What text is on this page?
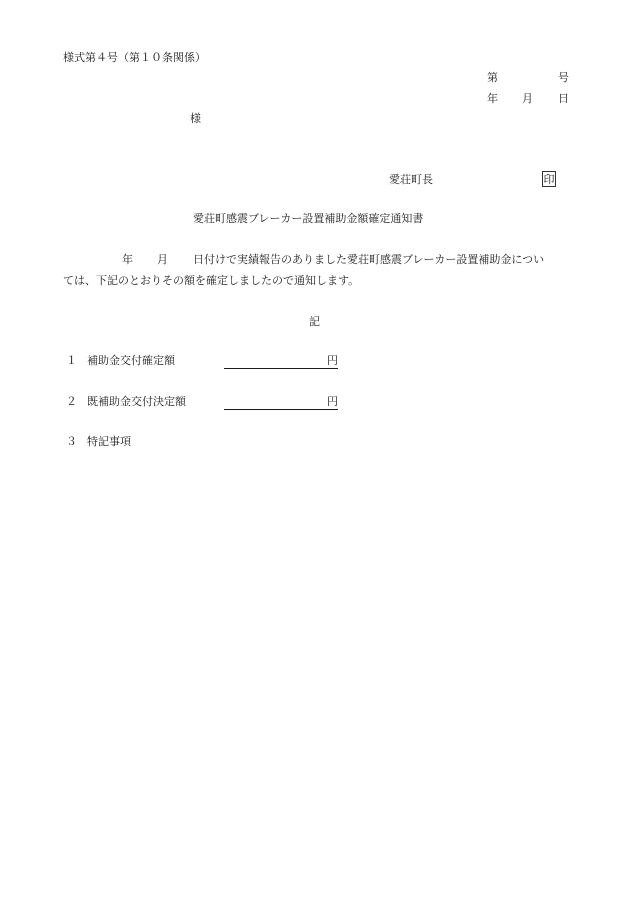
様式第４号（第１０条関係）
第	号
年 月 日
様
愛荘町長	印
愛荘町感震ブレーカー設置補助金額確定通知書
年 月 日付けで実績報告のありました愛荘町感震ブレーカー設置補助金につい
ては、下記のとおりその額を確定しましたので通知します。
記
１ 補助金交付確定額	円
２ 既補助金交付決定額	円
３ 特記事項
